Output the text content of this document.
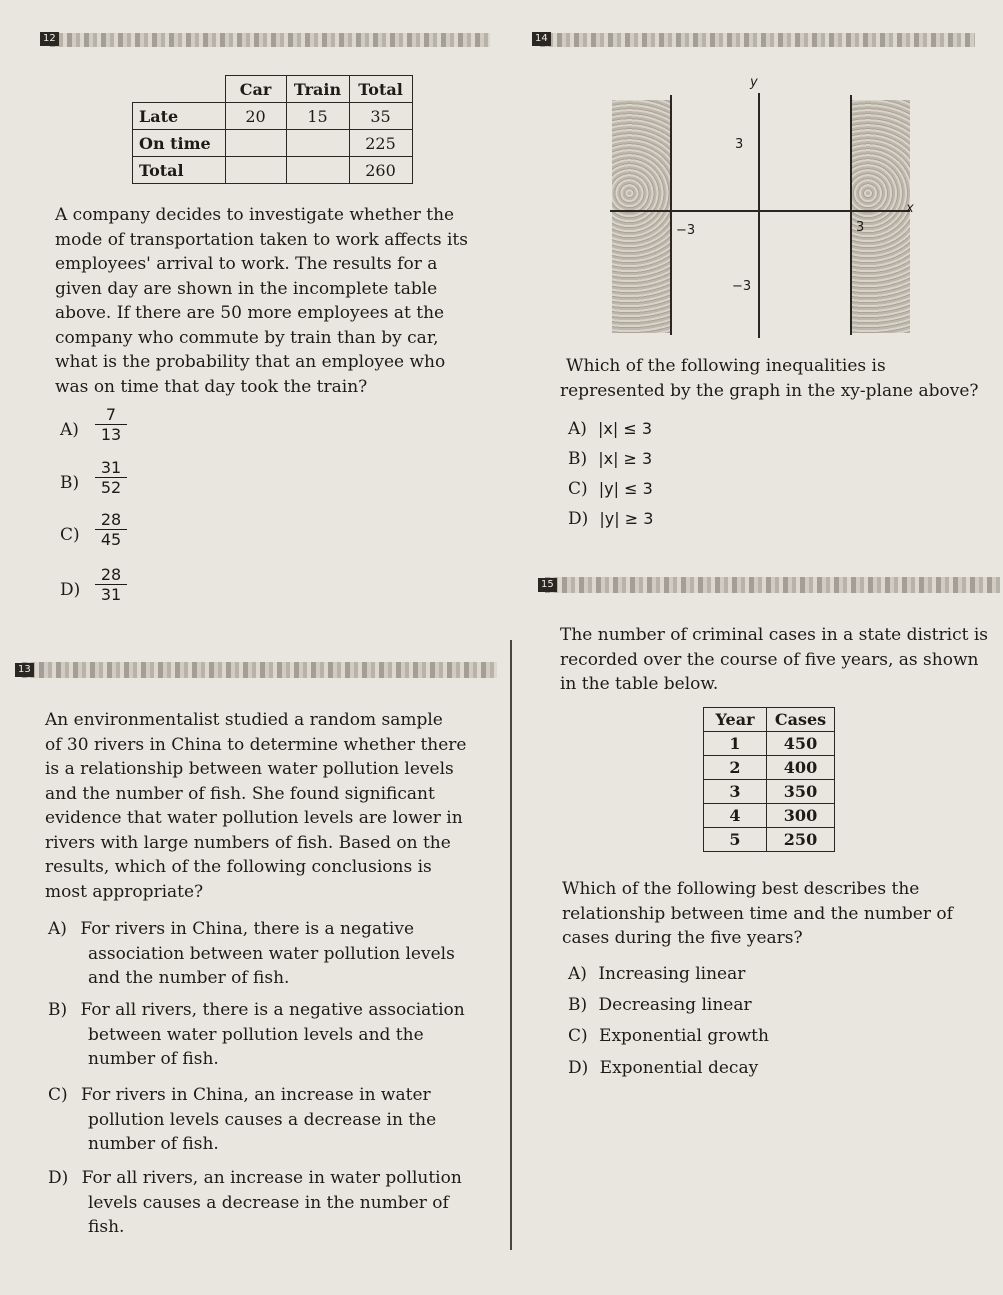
12	14
	Car	Train	Total
Late	20	15	35
On time			225
Total			260
A company decides to investigate whether the
mode of transportation taken to work affects its
employees' arrival to work. The results for a
given day are shown in the incomplete table
above. If there are 50 more employees at the
company who commute by train than by car,
what is the probability that an employee who
was on time that day took the train?
$A) \frac{7}{13}$
$B) \frac{31}{52}$
$C) \frac{28}{45}$
$D) \frac{28}{31}$
13
An environmentalist studied a random sample
of 30 rivers in China to determine whether there
is a relationship between water pollution levels
and the number of fish. She found significant
evidence that water pollution levels are lower in
rivers with large numbers of fish. Based on the
results, which of the following conclusions is
most appropriate?
A) For rivers in China, there is a negative
association between water pollution levels
and the number of fish.
B) For all rivers, there is a negative association
between water pollution levels and the
number of fish.
C) For rivers in China, an increase in water
pollution levels causes a decrease in the
number of fish.
D) For all rivers, an increase in water pollution
levels causes a decrease in the number of
fish.
y
x
3
−3
−3
3
Which of the following inequalities is
represented by the graph in the xy-plane above?
A) |x| ≤ 3
B) |x| ≥ 3
C) |y| ≤ 3
D) |y| ≥ 3
15
The number of criminal cases in a state district is
recorded over the course of five years, as shown
in the table below.
Year	Cases
1	450
2	400
3	350
4	300
5	250
Which of the following best describes the
relationship between time and the number of
cases during the five years?
A) Increasing linear
B) Decreasing linear
C) Exponential growth
D) Exponential decay
